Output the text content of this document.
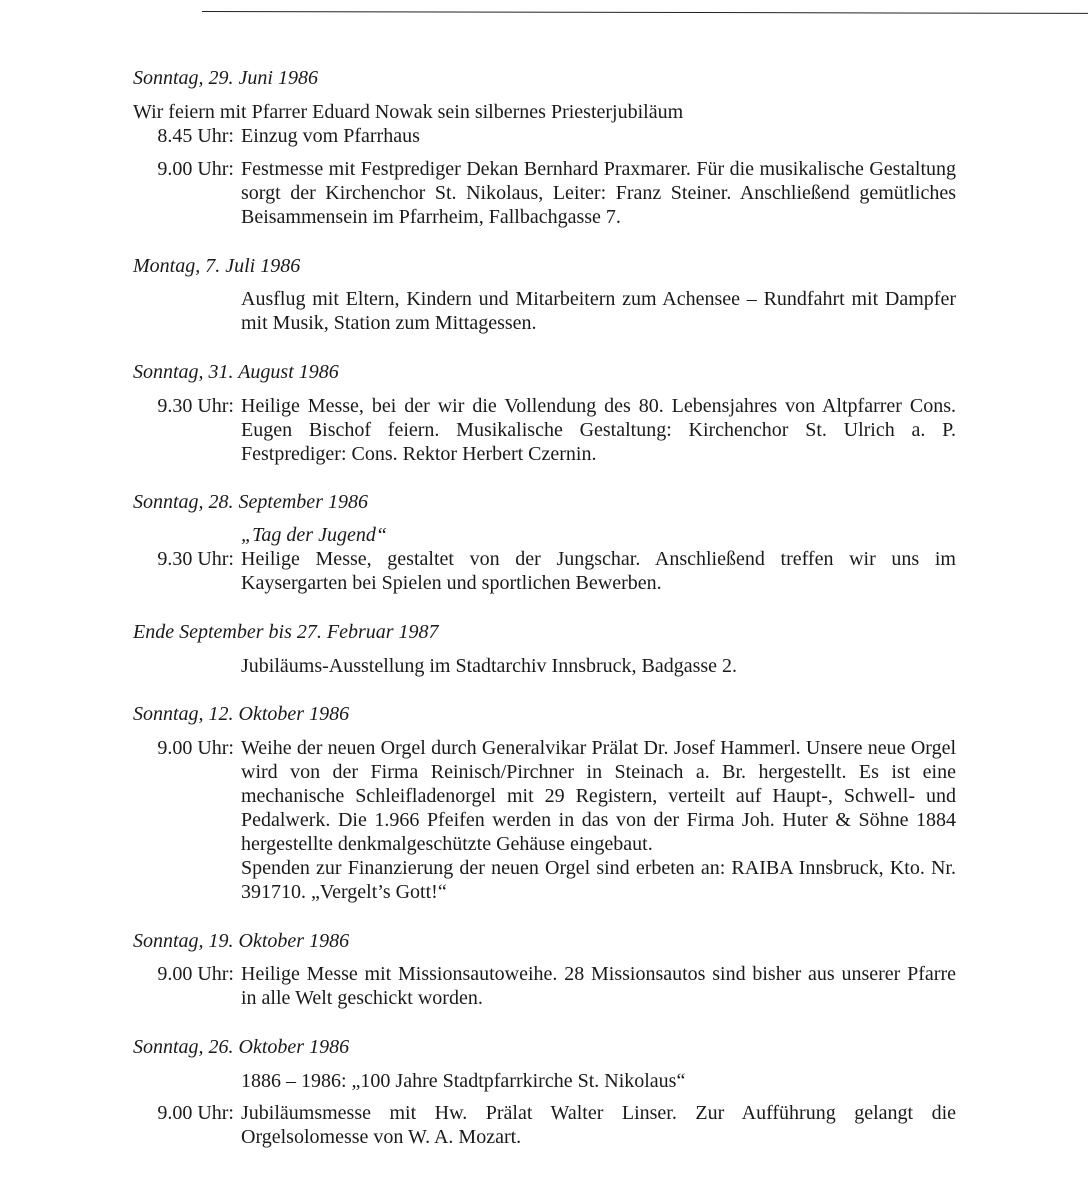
Sonntag, 29. Juni 1986
Wir feiern mit Pfarrer Eduard Nowak sein silbernes Priesterjubiläum
8.45 Uhr: Einzug vom Pfarrhaus
9.00 Uhr: Festmesse mit Festprediger Dekan Bernhard Praxmarer. Für die musikalische Gestaltung sorgt der Kirchenchor St. Nikolaus, Leiter: Franz Steiner. Anschließend gemütliches Beisammensein im Pfarrheim, Fallbachgasse 7.
Montag, 7. Juli 1986
Ausflug mit Eltern, Kindern und Mitarbeitern zum Achensee – Rundfahrt mit Dampfer mit Musik, Station zum Mittagessen.
Sonntag, 31. August 1986
9.30 Uhr: Heilige Messe, bei der wir die Vollendung des 80. Lebensjahres von Altpfarrer Cons. Eugen Bischof feiern. Musikalische Gestaltung: Kirchenchor St. Ulrich a. P. Festprediger: Cons. Rektor Herbert Czernin.
Sonntag, 28. September 1986
„Tag der Jugend“
9.30 Uhr: Heilige Messe, gestaltet von der Jungschar. Anschließend treffen wir uns im Kaysergarten bei Spielen und sportlichen Bewerben.
Ende September bis 27. Februar 1987
Jubiläums-Ausstellung im Stadtarchiv Innsbruck, Badgasse 2.
Sonntag, 12. Oktober 1986
9.00 Uhr: Weihe der neuen Orgel durch Generalvikar Prälat Dr. Josef Hammerl. Unsere neue Orgel wird von der Firma Reinisch/Pirchner in Steinach a. Br. hergestellt. Es ist eine mechanische Schleifladenorgel mit 29 Registern, verteilt auf Haupt-, Schwell- und Pedalwerk. Die 1.966 Pfeifen werden in das von der Firma Joh. Huter & Söhne 1884 hergestellte denkmalgeschützte Gehäuse eingebaut.
Spenden zur Finanzierung der neuen Orgel sind erbeten an: RAIBA Innsbruck, Kto. Nr. 391710. „Vergelt’s Gott!“
Sonntag, 19. Oktober 1986
9.00 Uhr: Heilige Messe mit Missionsautoweihe. 28 Missionsautos sind bisher aus unserer Pfarre in alle Welt geschickt worden.
Sonntag, 26. Oktober 1986
1886 – 1986: „100 Jahre Stadtpfarrkirche St. Nikolaus“
9.00 Uhr: Jubiläumsmesse mit Hw. Prälat Walter Linser. Zur Aufführung gelangt die Orgelsolomesse von W. A. Mozart.
